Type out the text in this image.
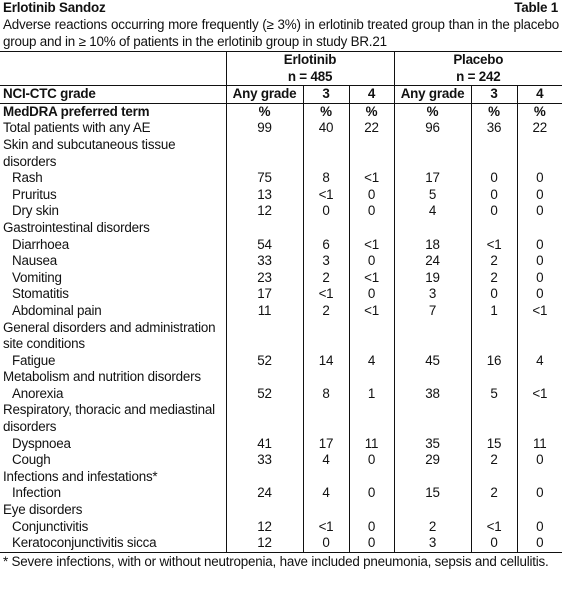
Erlotinib Sandoz	Table 1
Adverse reactions occurring more frequently (≥ 3%) in erlotinib treated group than in the placebo group and in ≥ 10% of patients in the erlotinib group in study BR.21

	Erlotinib			Placebo		

	n = 485			n = 242		
NCI-CTC grade	Any grade	3	4	Any grade	3	4
MedDRA preferred term	%	%	%	%	%	%
Total patients with any AE	99	40	22	96	36	22
Skin and subcutaneous tissue disorders						
Rash	75	8	<1	17	0	0
Pruritus	13	<1	0	5	0	0
Dry skin	12	0	0	4	0	0
Gastrointestinal disorders						
Diarrhoea	54	6	<1	18	<1	0
Nausea	33	3	0	24	2	0
Vomiting	23	2	<1	19	2	0
Stomatitis	17	<1	0	3	0	0
Abdominal pain	11	2	<1	7	1	<1
General disorders and administration site conditions						
Fatigue	52	14	4	45	16	4
Metabolism and nutrition disorders						
Anorexia	52	8	1	38	5	<1
Respiratory, thoracic and mediastinal disorders						
Dyspnoea	41	17	11	35	15	11
Cough	33	4	0	29	2	0
Infections and infestations*						
Infection	24	4	0	15	2	0
Eye disorders						
Conjunctivitis	12	<1	0	2	<1	0
Keratoconjunctivitis sicca	12	0	0	3	0	0
* Severe infections, with or without neutropenia, have included pneumonia, sepsis and cellulitis.
